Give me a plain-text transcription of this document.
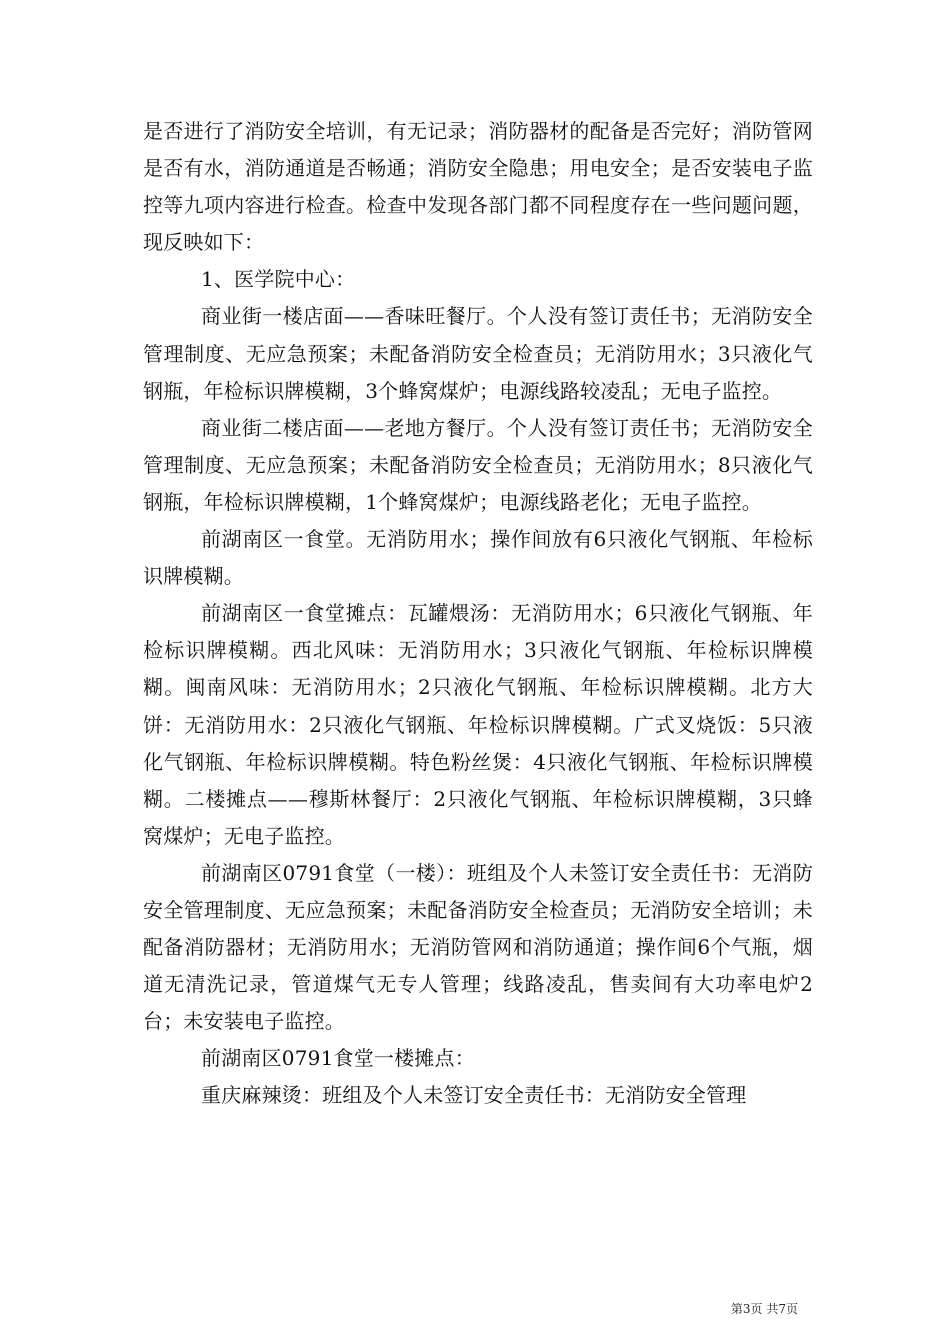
是否进行了消防安全培训，有无记录；消防器材的配备是否完好；消防管网是否有水，消防通道是否畅通；消防安全隐患；用电安全；是否安装电子监控等九项内容进行检查。检查中发现各部门都不同程度存在一些问题问题，现反映如下：

1、医学院中心：

商业街一楼店面——香味旺餐厅。个人没有签订责任书；无消防安全管理制度、无应急预案；未配备消防安全检查员；无消防用水；3只液化气钢瓶，年检标识牌模糊，3个蜂窝煤炉；电源线路较凌乱；无电子监控。

商业街二楼店面——老地方餐厅。个人没有签订责任书；无消防安全管理制度、无应急预案；未配备消防安全检查员；无消防用水；8只液化气钢瓶，年检标识牌模糊，1个蜂窝煤炉；电源线路老化；无电子监控。

前湖南区一食堂。无消防用水；操作间放有6只液化气钢瓶、年检标识牌模糊。

前湖南区一食堂摊点：瓦罐煨汤：无消防用水；6只液化气钢瓶、年检标识牌模糊。西北风味：无消防用水；3只液化气钢瓶、年检标识牌模糊。闽南风味：无消防用水；2只液化气钢瓶、年检标识牌模糊。北方大饼：无消防用水：2只液化气钢瓶、年检标识牌模糊。广式叉烧饭：5只液化气钢瓶、年检标识牌模糊。特色粉丝煲：4只液化气钢瓶、年检标识牌模糊。二楼摊点——穆斯林餐厅：2只液化气钢瓶、年检标识牌模糊，3只蜂窝煤炉；无电子监控。

前湖南区0791食堂（一楼）：班组及个人未签订安全责任书：无消防安全管理制度、无应急预案；未配备消防安全检查员；无消防安全培训；未配备消防器材；无消防用水；无消防管网和消防通道；操作间6个气瓶，烟道无清洗记录，管道煤气无专人管理；线路凌乱，售卖间有大功率电炉2台；未安装电子监控。

前湖南区0791食堂一楼摊点：

重庆麻辣烫：班组及个人未签订安全责任书：无消防安全管理

第3页 共7页
